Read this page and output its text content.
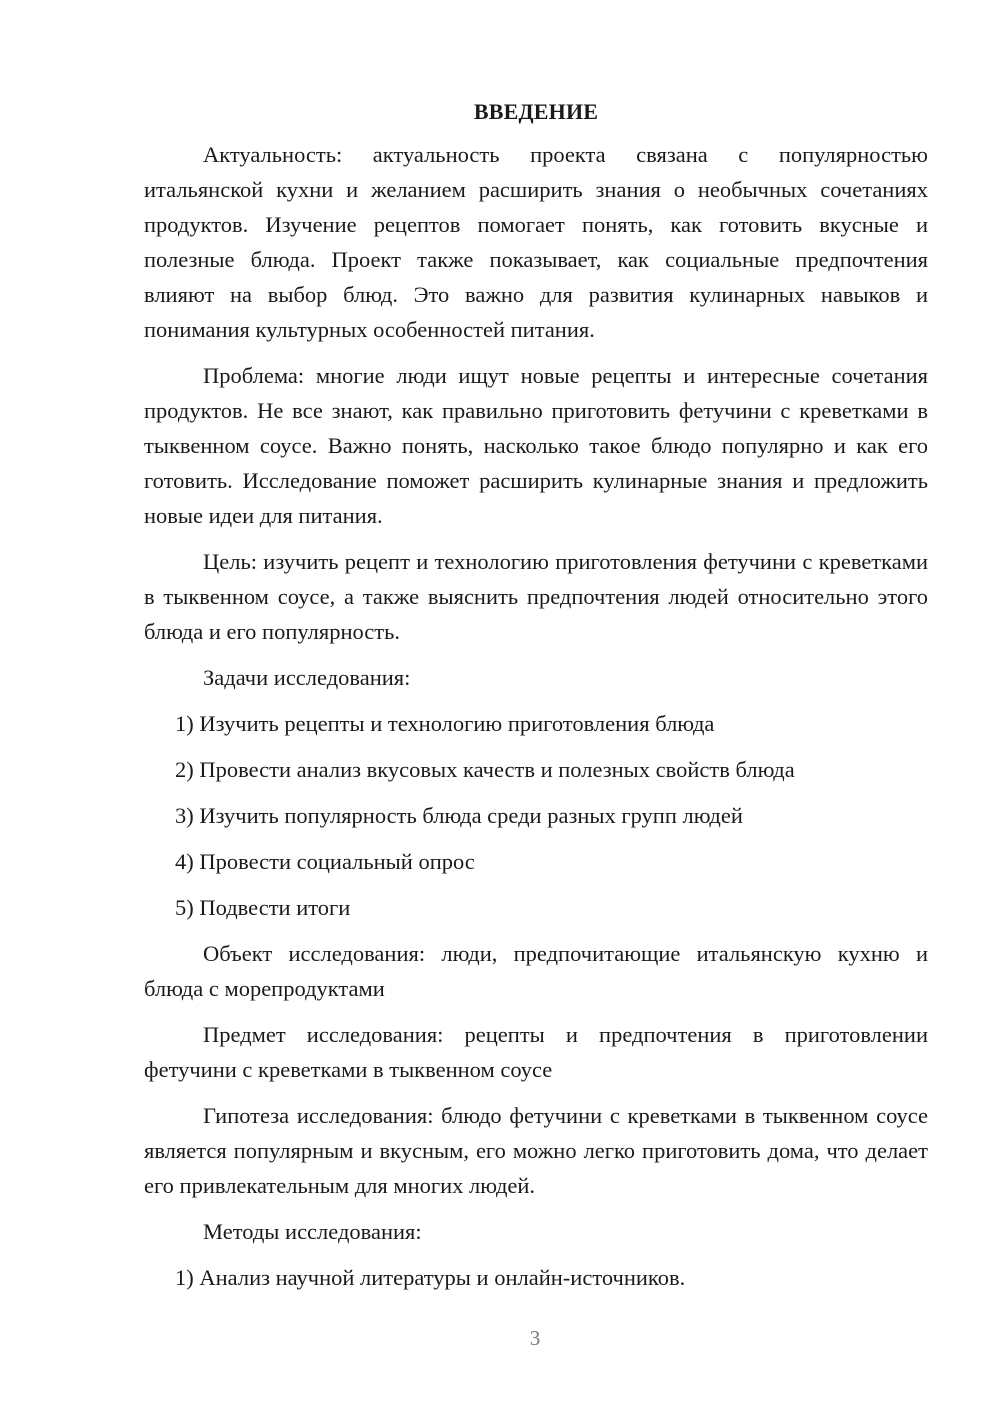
ВВЕДЕНИЕ

Актуальность: актуальность проекта связана с популярностью итальянской кухни и желанием расширить знания о необычных сочетаниях продуктов. Изучение рецептов помогает понять, как готовить вкусные и полезные блюда. Проект также показывает, как социальные предпочтения влияют на выбор блюд. Это важно для развития кулинарных навыков и понимания культурных особенностей питания.

Проблема: многие люди ищут новые рецепты и интересные сочетания продуктов. Не все знают, как правильно приготовить фетучини с креветками в тыквенном соусе. Важно понять, насколько такое блюдо популярно и как его готовить. Исследование поможет расширить кулинарные знания и предложить новые идеи для питания.

Цель: изучить рецепт и технологию приготовления фетучини с креветками в тыквенном соусе, а также выяснить предпочтения людей относительно этого блюда и его популярность.

Задачи исследования:

1) Изучить рецепты и технологию приготовления блюда
2) Провести анализ вкусовых качеств и полезных свойств блюда
3) Изучить популярность блюда среди разных групп людей
4) Провести социальный опрос
5) Подвести итоги

Объект исследования: люди, предпочитающие итальянскую кухню и блюда с морепродуктами

Предмет исследования: рецепты и предпочтения в приготовлении фетучини с креветками в тыквенном соусе

Гипотеза исследования: блюдо фетучини с креветками в тыквенном соусе является популярным и вкусным, его можно легко приготовить дома, что делает его привлекательным для многих людей.

Методы исследования:

1) Анализ научной литературы и онлайн-источников.
3
